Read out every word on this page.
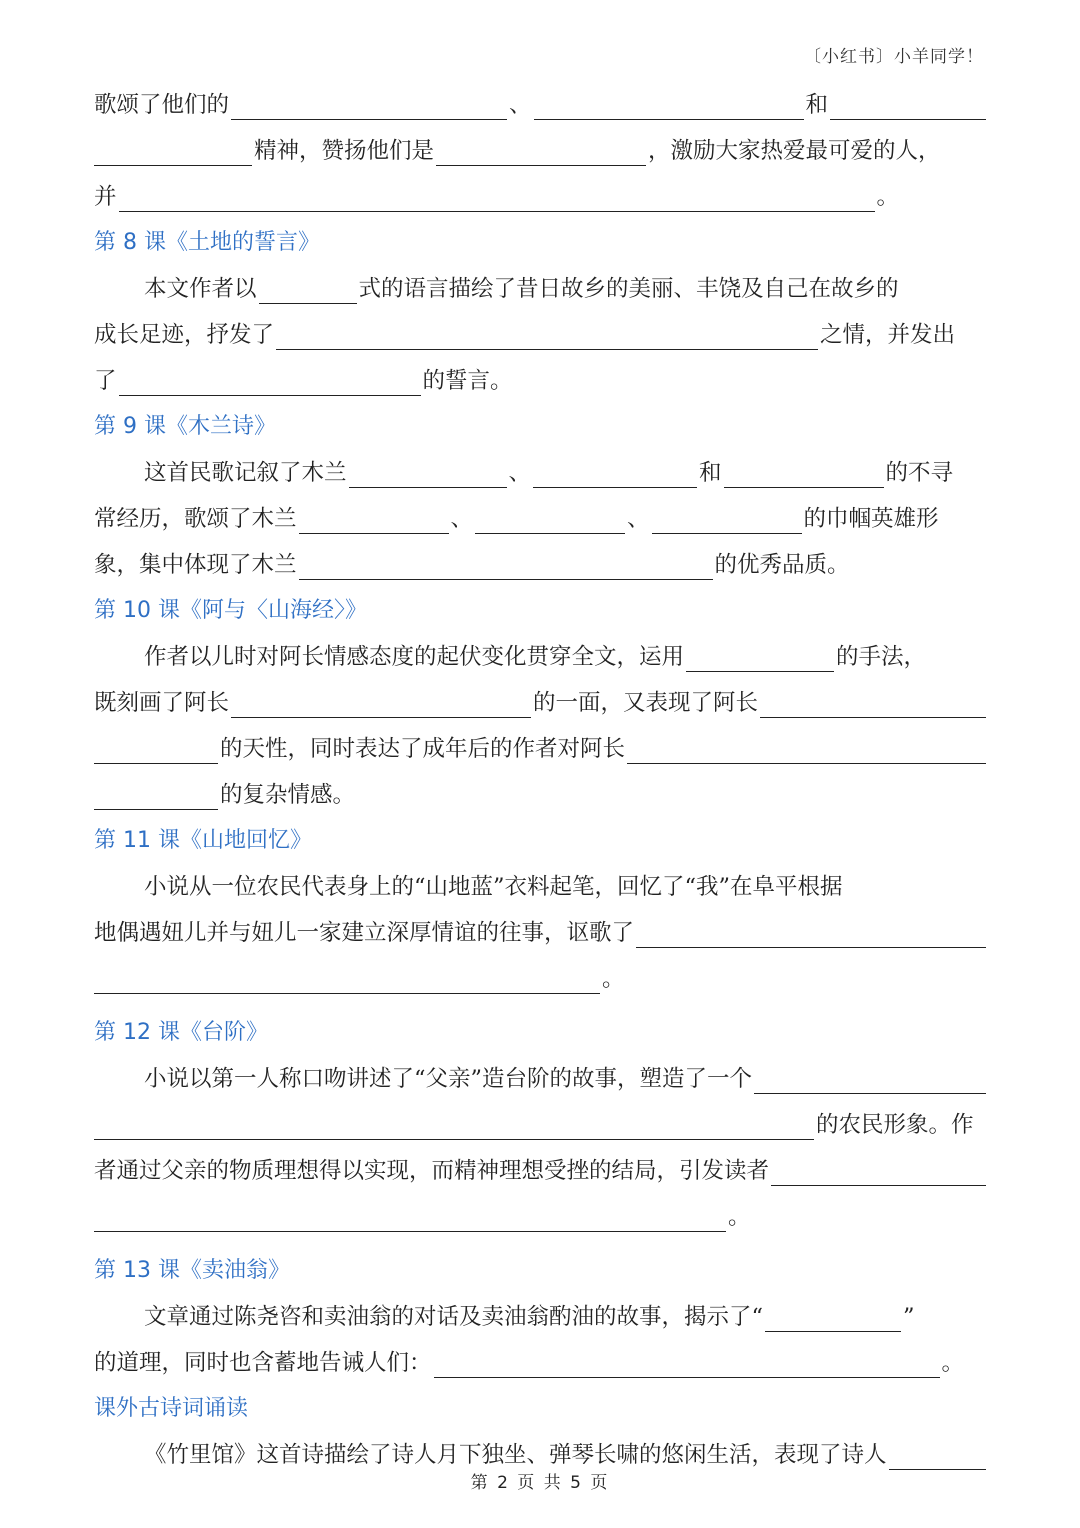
〔小红书〕小羊同学！
歌颂了他们的	、	和
精神，赞扬他们是	，激励大家热爱最可爱的人，
并	。
第 8 课《土地的誓言》
本文作者以	式的语言描绘了昔日故乡的美丽、丰饶及自己在故乡的
成长足迹，抒发了	之情，并发出
了	的誓言。
第 9 课《木兰诗》
这首民歌记叙了木兰	、	和	的不寻
常经历，歌颂了木兰	、	、	的巾帼英雄形
象，集中体现了木兰	的优秀品质。
第 10 课《阿与〈山海经〉》
作者以儿时对阿长情感态度的起伏变化贯穿全文，运用	的手法，
既刻画了阿长	的一面，又表现了阿长
的天性，同时表达了成年后的作者对阿长
的复杂情感。
第 11 课《山地回忆》
小说从一位农民代表身上的“山地蓝”衣料起笔，回忆了“我”在阜平根据
地偶遇妞儿并与妞儿一家建立深厚情谊的往事，讴歌了
。
第 12 课《台阶》
小说以第一人称口吻讲述了“父亲”造台阶的故事，塑造了一个
的农民形象。作
者通过父亲的物质理想得以实现，而精神理想受挫的结局，引发读者
。
第 13 课《卖油翁》
文章通过陈尧咨和卖油翁的对话及卖油翁酌油的故事，揭示了“	”
的道理，同时也含蓄地告诫人们：	。
课外古诗词诵读
《竹里馆》这首诗描绘了诗人月下独坐、弹琴长啸的悠闲生活，表现了诗人
第 2 页 共 5 页
